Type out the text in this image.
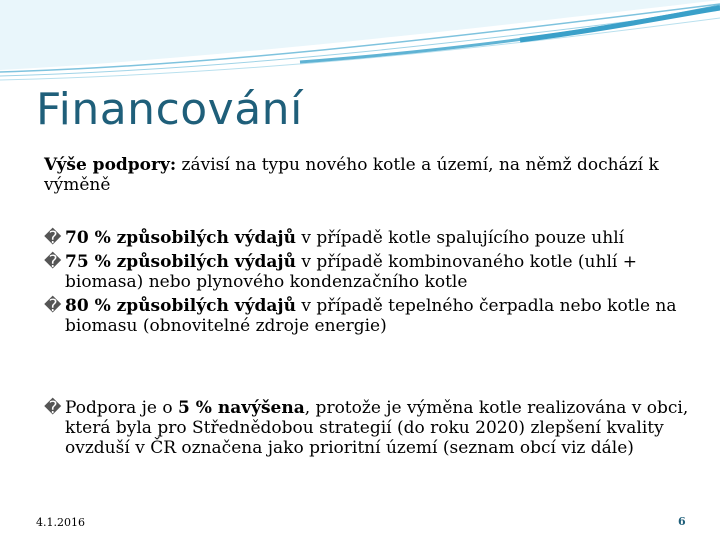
Financování
Výše podpory: závisí na typu nového kotle a území, na němž dochází k výměně
� 70 % způsobilých výdajů v případě kotle spalujícího pouze uhlí
� 75 % způsobilých výdajů v případě kombinovaného kotle (uhlí + biomasa) nebo plynového kondenzačního kotle
� 80 % způsobilých výdajů v případě tepelného čerpadla nebo kotle na biomasu (obnovitelné zdroje energie)
� Podpora je o 5 % navýšena, protože je výměna kotle realizována v obci, která byla pro Střednědobou strategií (do roku 2020) zlepšení kvality ovzduší v ČR označena jako prioritní území (seznam obcí viz dále)
4.1.2016	6
